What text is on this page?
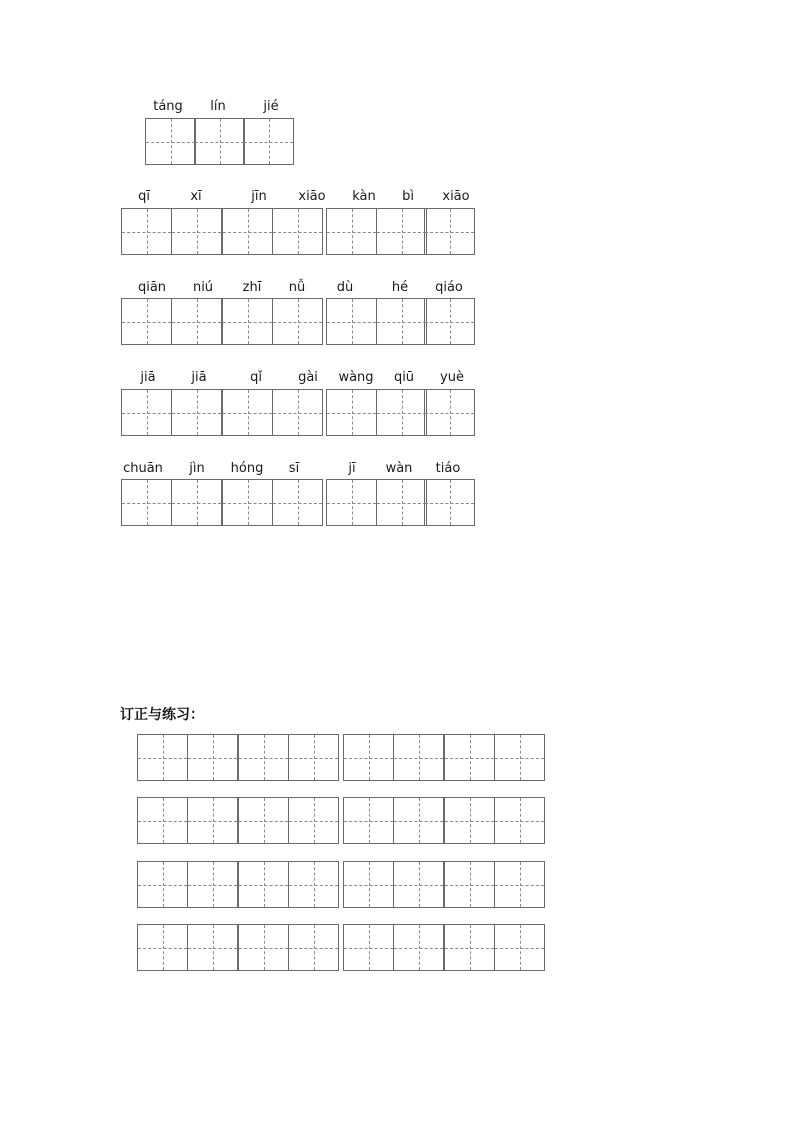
táng	lín	jié
qī	xī	jīn	xiāo	kàn	bì	xiāo
qiān	niú	zhī	nǚ	dù	hé	qiáo
jiā	jiā	qǐ	gài	wàng	qiū	yuè
chuān	jìn	hóng	sī	jī	wàn	tiáo
订正与练习：
